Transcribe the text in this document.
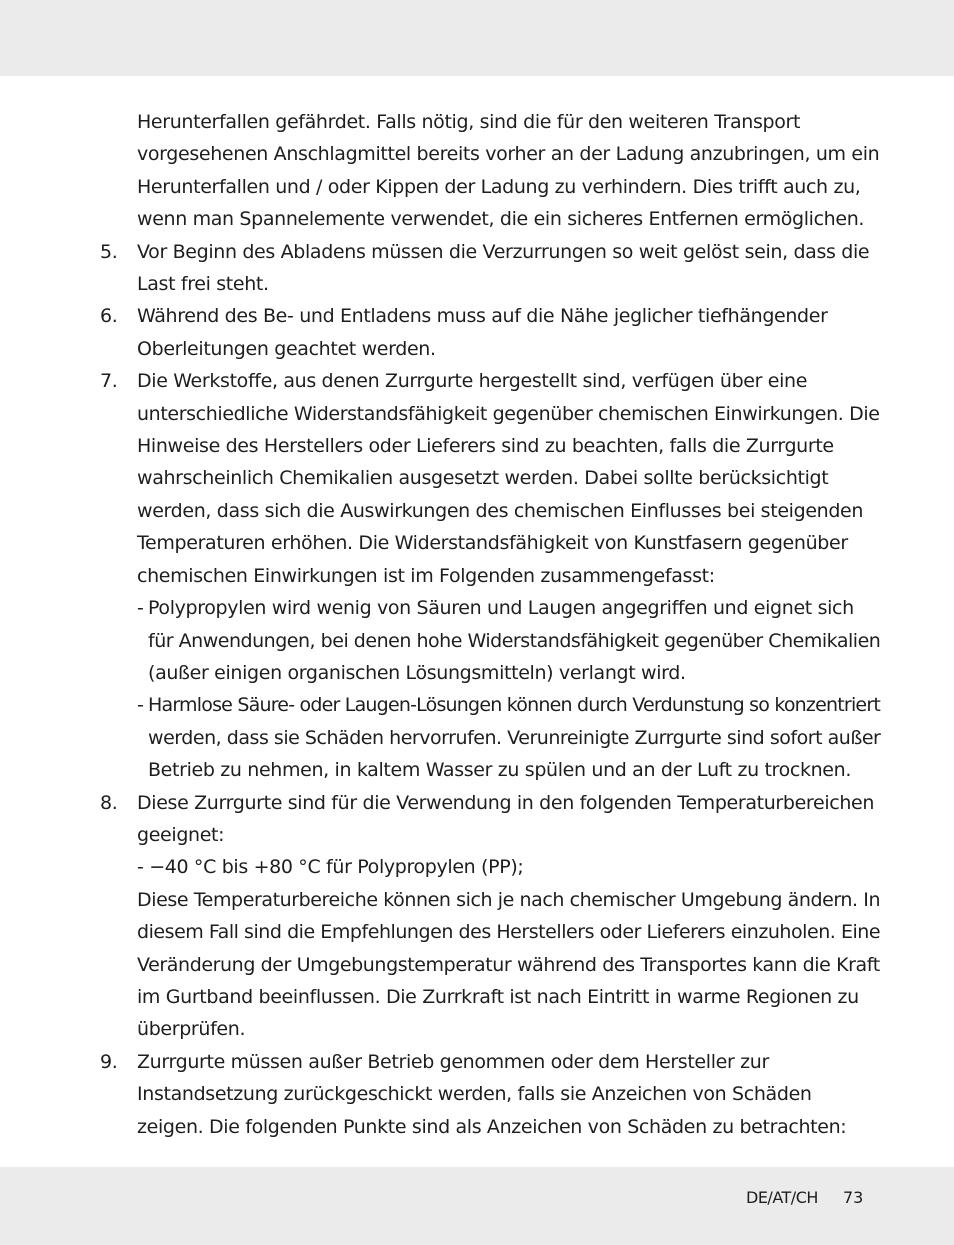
Herunterfallen gefährdet. Falls nötig, sind die für den weiteren Transport
vorgesehenen Anschlagmittel bereits vorher an der Ladung anzubringen, um ein
Herunterfallen und / oder Kippen der Ladung zu verhindern. Dies trifft auch zu,
wenn man Spannelemente verwendet, die ein sicheres Entfernen ermöglichen.
5.	Vor Beginn des Abladens müssen die Verzurrungen so weit gelöst sein, dass die
Last frei steht.
6.	Während des Be- und Entladens muss auf die Nähe jeglicher tiefhängender
Oberleitungen geachtet werden.
7.	Die Werkstoffe, aus denen Zurrgurte hergestellt sind, verfügen über eine
unterschiedliche Widerstandsfähigkeit gegenüber chemischen Einwirkungen. Die
Hinweise des Herstellers oder Lieferers sind zu beachten, falls die Zurrgurte
wahrscheinlich Chemikalien ausgesetzt werden. Dabei sollte berücksichtigt
werden, dass sich die Auswirkungen des chemischen Einflusses bei steigenden
Temperaturen erhöhen. Die Widerstandsfähigkeit von Kunstfasern gegenüber
chemischen Einwirkungen ist im Folgenden zusammengefasst:
- Polypropylen wird wenig von Säuren und Laugen angegriffen und eignet sich
für Anwendungen, bei denen hohe Widerstandsfähigkeit gegenüber Chemikalien
(außer einigen organischen Lösungsmitteln) verlangt wird.
- Harmlose Säure- oder Laugen-Lösungen können durch Verdunstung so konzentriert
werden, dass sie Schäden hervorrufen. Verunreinigte Zurrgurte sind sofort außer
Betrieb zu nehmen, in kaltem Wasser zu spülen und an der Luft zu trocknen.
8.	Diese Zurrgurte sind für die Verwendung in den folgenden Temperaturbereichen
geeignet:
- −40 °C bis +80 °C für Polypropylen (PP);
Diese Temperaturbereiche können sich je nach chemischer Umgebung ändern. In
diesem Fall sind die Empfehlungen des Herstellers oder Lieferers einzuholen. Eine
Veränderung der Umgebungstemperatur während des Transportes kann die Kraft
im Gurtband beeinflussen. Die Zurrkraft ist nach Eintritt in warme Regionen zu
überprüfen.
9.	Zurrgurte müssen außer Betrieb genommen oder dem Hersteller zur
Instandsetzung zurückgeschickt werden, falls sie Anzeichen von Schäden
zeigen. Die folgenden Punkte sind als Anzeichen von Schäden zu betrachten:
DE/AT/CH 73
